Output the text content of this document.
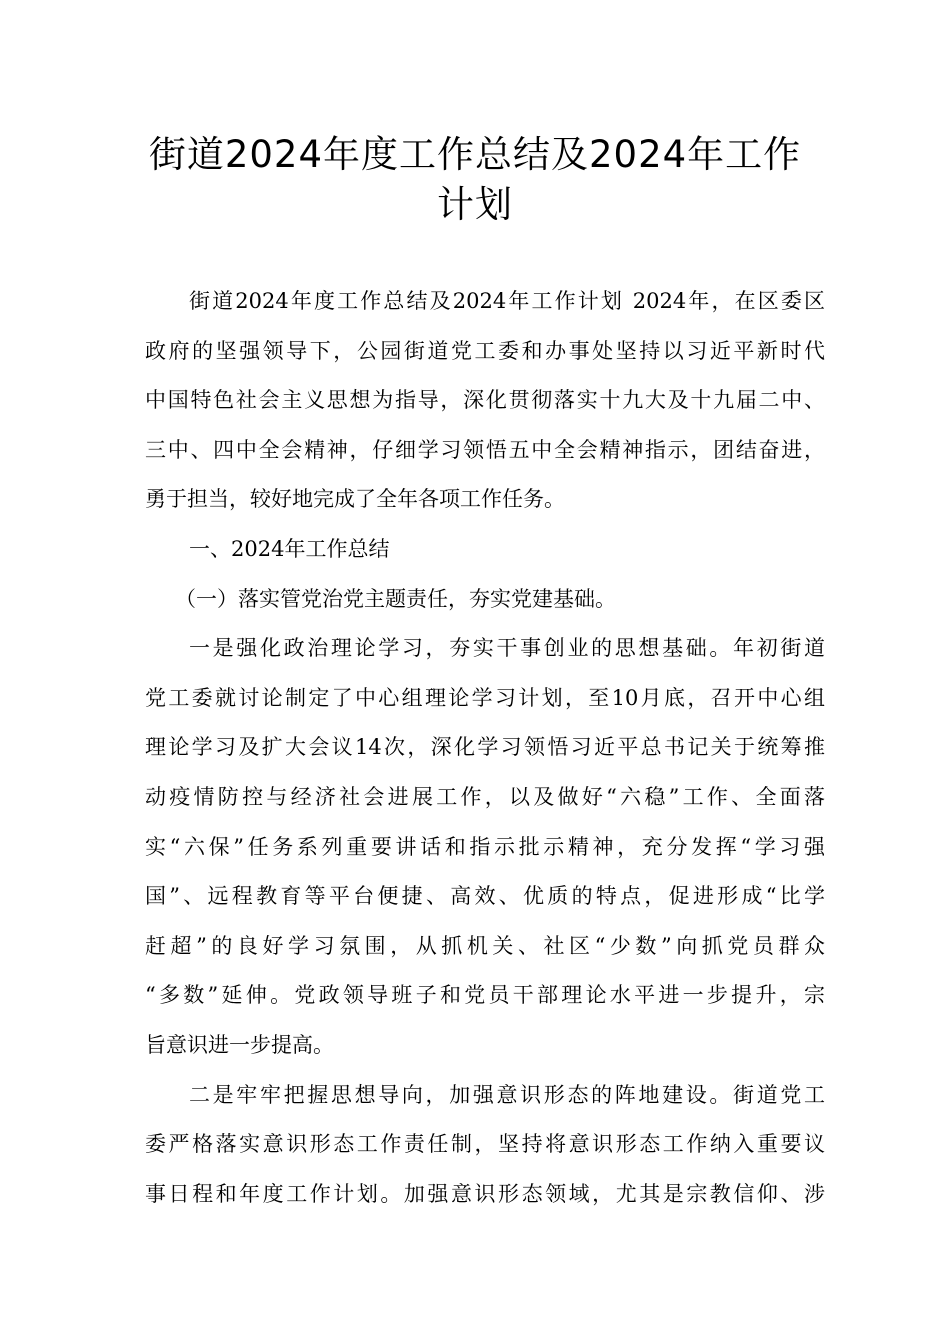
街道2024年度工作总结及2024年工作
计划
街道2024年度工作总结及2024年工作计划 2024年，在区委区
政府的坚强领导下，公园街道党工委和办事处坚持以习近平新时代
中国特色社会主义思想为指导，深化贯彻落实十九大及十九届二中、
三中、四中全会精神，仔细学习领悟五中全会精神指示，团结奋进，
勇于担当，较好地完成了全年各项工作任务。
一、2024年工作总结
（一）落实管党治党主题责任，夯实党建基础。
一是强化政治理论学习，夯实干事创业的思想基础。年初街道
党工委就讨论制定了中心组理论学习计划，至10月底，召开中心组
理论学习及扩大会议14次，深化学习领悟习近平总书记关于统筹推
动疫情防控与经济社会进展工作，以及做好“六稳”工作、全面落
实“六保”任务系列重要讲话和指示批示精神，充分发挥“学习强
国”、远程教育等平台便捷、高效、优质的特点，促进形成“比学
赶超”的良好学习氛围，从抓机关、社区“少数”向抓党员群众
“多数”延伸。党政领导班子和党员干部理论水平进一步提升，宗
旨意识进一步提高。
二是牢牢把握思想导向，加强意识形态的阵地建设。街道党工
委严格落实意识形态工作责任制，坚持将意识形态工作纳入重要议
事日程和年度工作计划。加强意识形态领域，尤其是宗教信仰、涉
